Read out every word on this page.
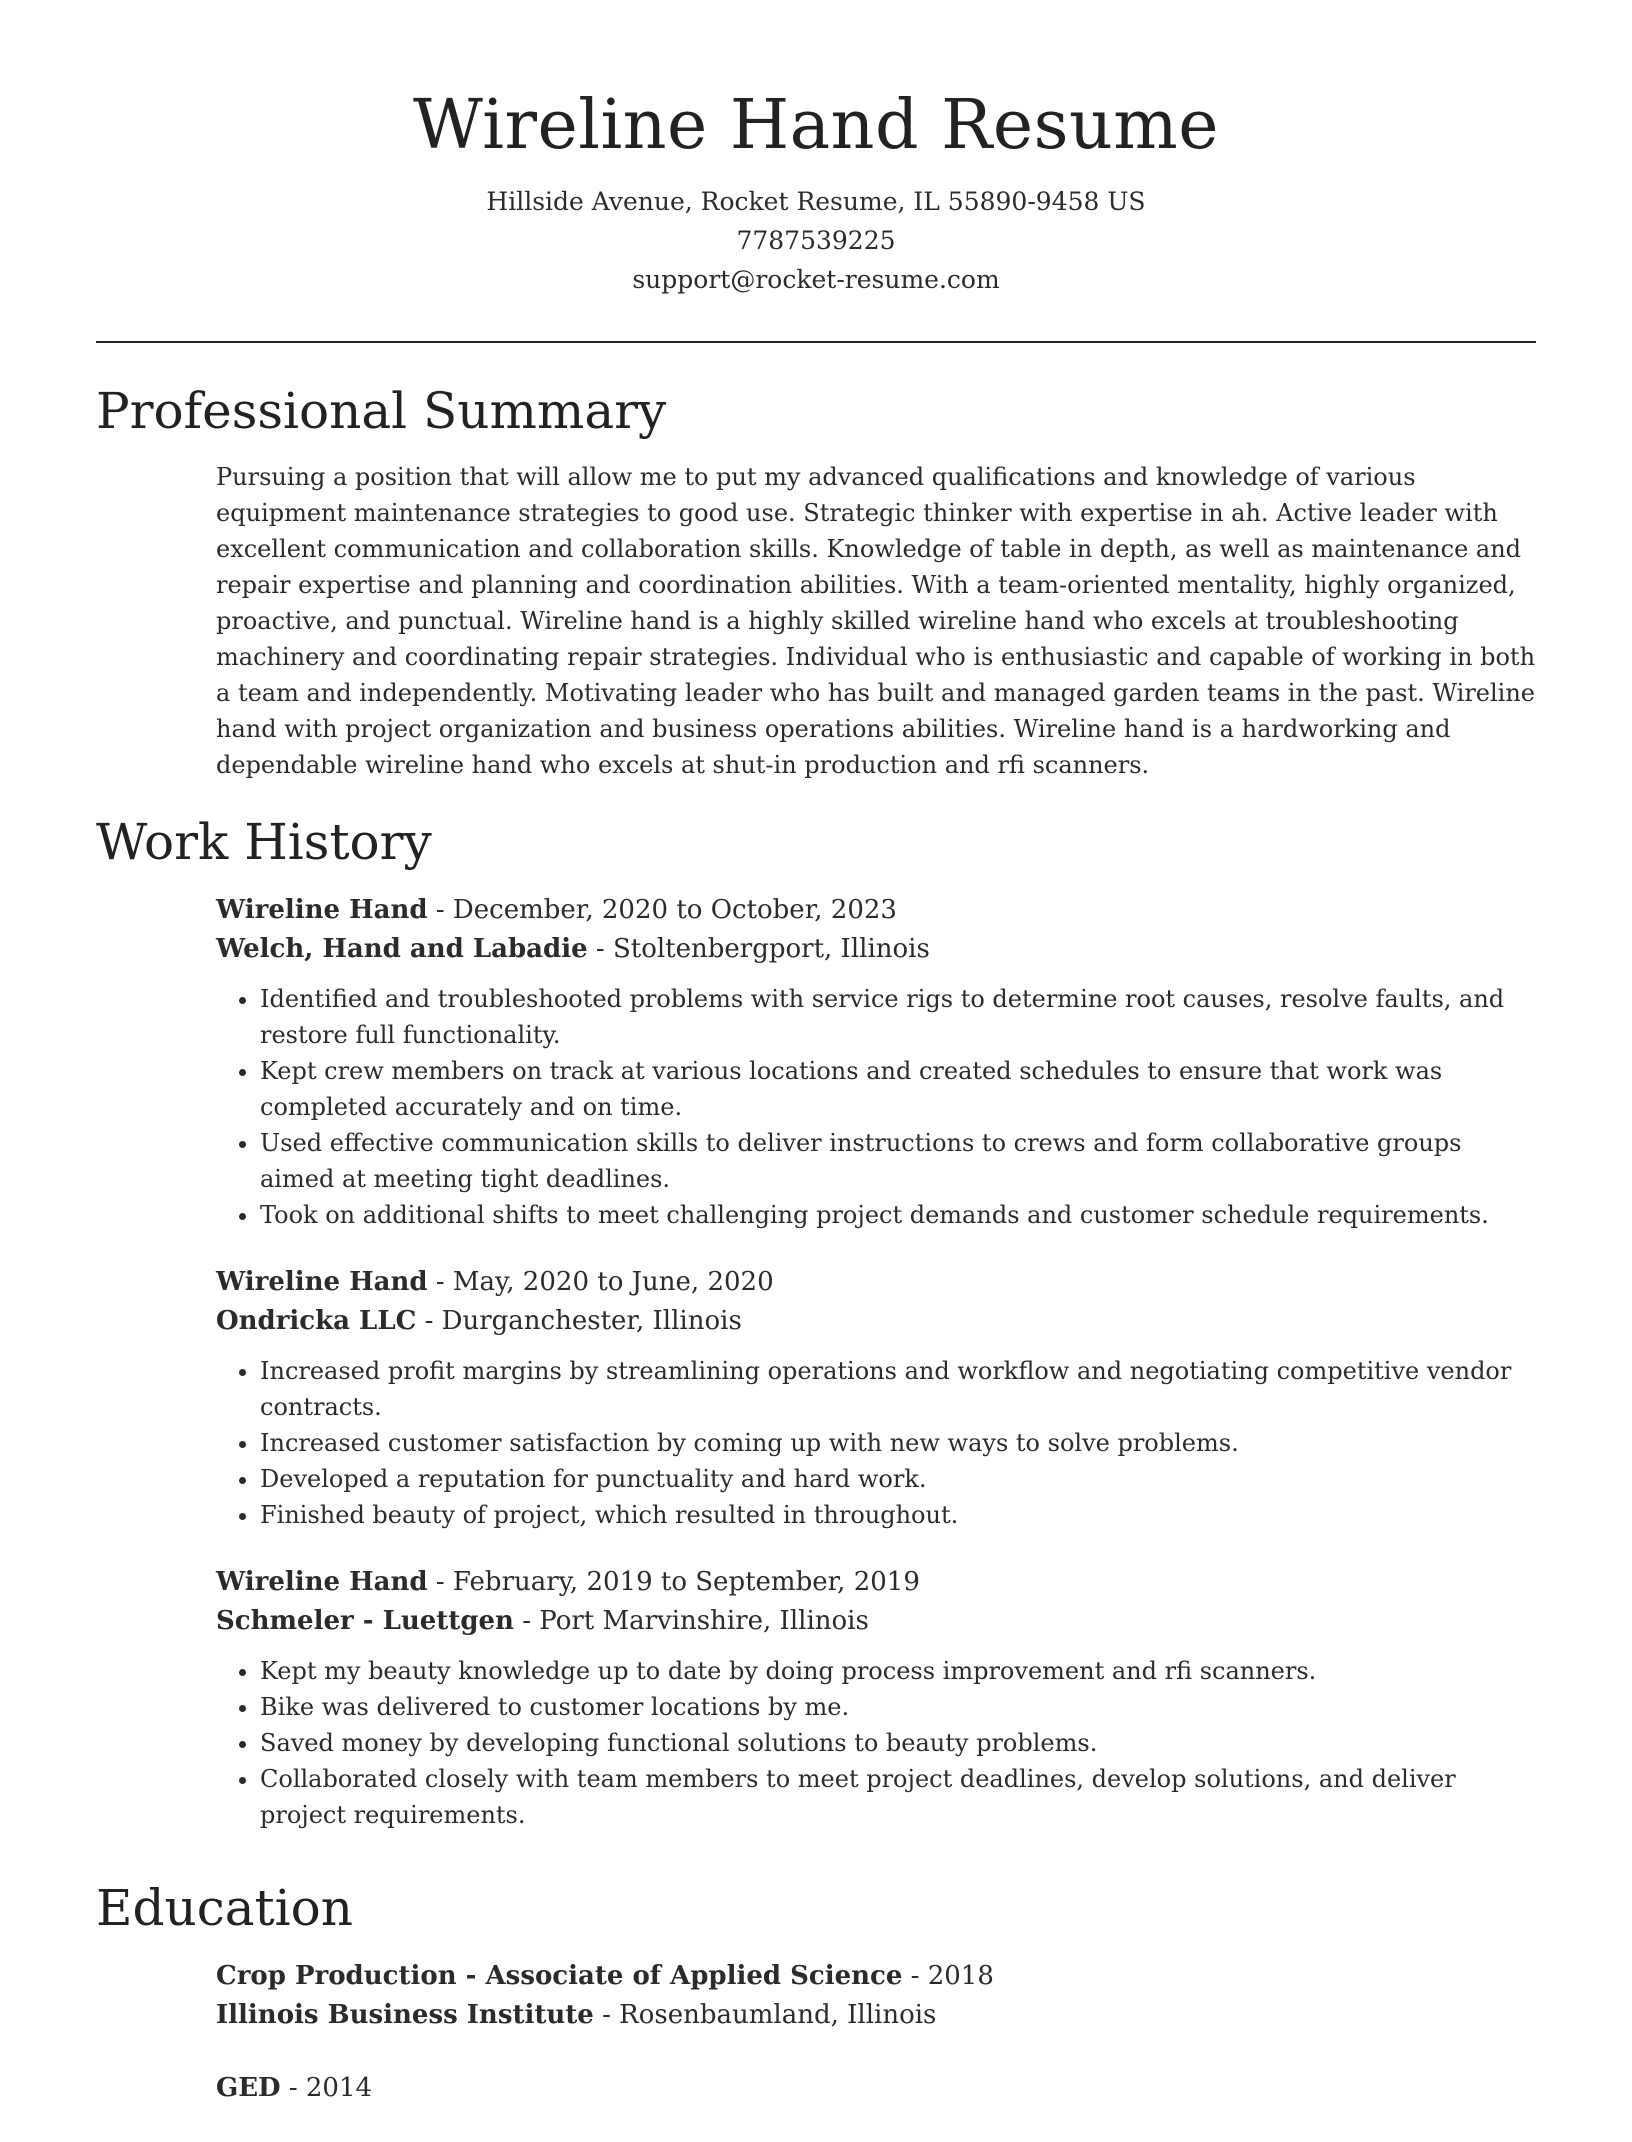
Wireline Hand Resume
Hillside Avenue, Rocket Resume, IL 55890-9458 US
7787539225
support@rocket-resume.com
Professional Summary

Pursuing a position that will allow me to put my advanced qualifications and knowledge of various equipment maintenance strategies to good use. Strategic thinker with expertise in ah. Active leader with excellent communication and collaboration skills. Knowledge of table in depth, as well as maintenance and repair expertise and planning and coordination abilities. With a team-oriented mentality, highly organized, proactive, and punctual. Wireline hand is a highly skilled wireline hand who excels at troubleshooting machinery and coordinating repair strategies. Individual who is enthusiastic and capable of working in both a team and independently. Motivating leader who has built and managed garden teams in the past. Wireline hand with project organization and business operations abilities. Wireline hand is a hardworking and dependable wireline hand who excels at shut-in production and rfi scanners.

Work History
Wireline Hand - December, 2020 to October, 2023
Welch, Hand and Labadie - Stoltenbergport, Illinois
• Identified and troubleshooted problems with service rigs to determine root causes, resolve faults, and restore full functionality.
• Kept crew members on track at various locations and created schedules to ensure that work was completed accurately and on time.
• Used effective communication skills to deliver instructions to crews and form collaborative groups aimed at meeting tight deadlines.
• Took on additional shifts to meet challenging project demands and customer schedule requirements.
Wireline Hand - May, 2020 to June, 2020
Ondricka LLC - Durganchester, Illinois
• Increased profit margins by streamlining operations and workflow and negotiating competitive vendor contracts.
• Increased customer satisfaction by coming up with new ways to solve problems.
• Developed a reputation for punctuality and hard work.
• Finished beauty of project, which resulted in throughout.
Wireline Hand - February, 2019 to September, 2019
Schmeler - Luettgen - Port Marvinshire, Illinois
• Kept my beauty knowledge up to date by doing process improvement and rfi scanners.
• Bike was delivered to customer locations by me.
• Saved money by developing functional solutions to beauty problems.
• Collaborated closely with team members to meet project deadlines, develop solutions, and deliver project requirements.
Education
Crop Production - Associate of Applied Science - 2018
Illinois Business Institute - Rosenbaumland, Illinois
GED - 2014
